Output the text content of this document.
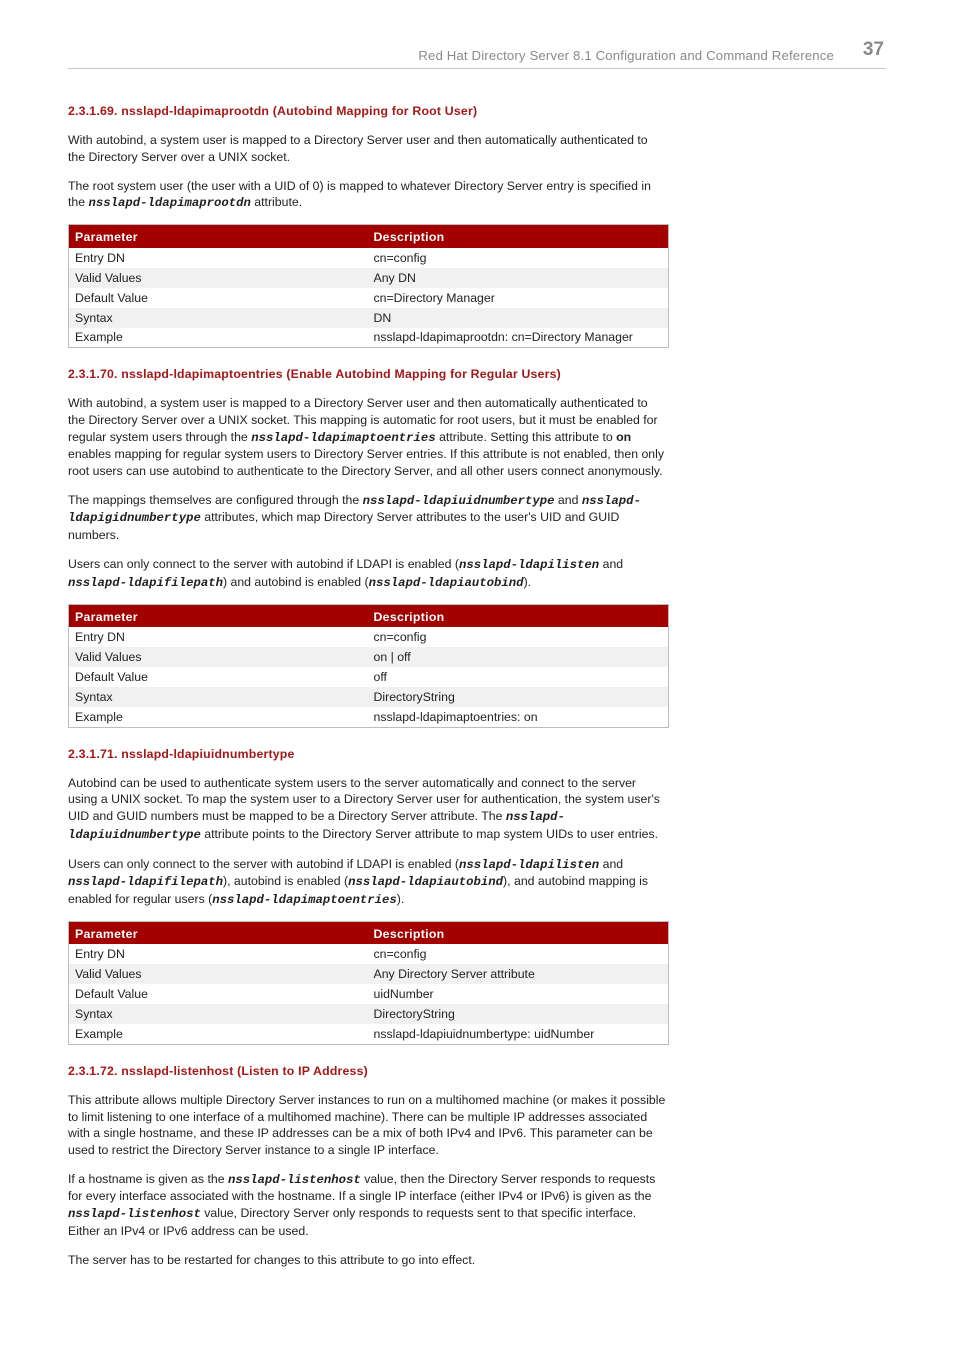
Red Hat Directory Server 8.1 Configuration and Command Reference 37
2.3.1.69. nsslapd-ldapimaprootdn (Autobind Mapping for Root User)

With autobind, a system user is mapped to a Directory Server user and then automatically authenticated to the Directory Server over a UNIX socket.

The root system user (the user with a UID of 0) is mapped to whatever Directory Server entry is specified in the nsslapd-ldapimaprootdn attribute.

Parameter	Description
Entry DN	cn=config
Valid Values	Any DN
Default Value	cn=Directory Manager
Syntax	DN
Example	nsslapd-ldapimaprootdn: cn=Directory Manager
2.3.1.70. nsslapd-ldapimaptoentries (Enable Autobind Mapping for Regular Users)

With autobind, a system user is mapped to a Directory Server user and then automatically authenticated to the Directory Server over a UNIX socket. This mapping is automatic for root users, but it must be enabled for regular system users through the nsslapd-ldapimaptoentries attribute. Setting this attribute to on enables mapping for regular system users to Directory Server entries. If this attribute is not enabled, then only root users can use autobind to authenticate to the Directory Server, and all other users connect anonymously.

The mappings themselves are configured through the nsslapd-ldapiuidnumbertype and nsslapd-ldapigidnumbertype attributes, which map Directory Server attributes to the user's UID and GUID numbers.

Users can only connect to the server with autobind if LDAPI is enabled (nsslapd-ldapilisten and nsslapd-ldapifilepath) and autobind is enabled (nsslapd-ldapiautobind).

Parameter	Description
Entry DN	cn=config
Valid Values	on | off
Default Value	off
Syntax	DirectoryString
Example	nsslapd-ldapimaptoentries: on
2.3.1.71. nsslapd-ldapiuidnumbertype

Autobind can be used to authenticate system users to the server automatically and connect to the server using a UNIX socket. To map the system user to a Directory Server user for authentication, the system user's UID and GUID numbers must be mapped to be a Directory Server attribute. The nsslapd-ldapiuidnumbertype attribute points to the Directory Server attribute to map system UIDs to user entries.

Users can only connect to the server with autobind if LDAPI is enabled (nsslapd-ldapilisten and nsslapd-ldapifilepath), autobind is enabled (nsslapd-ldapiautobind), and autobind mapping is enabled for regular users (nsslapd-ldapimaptoentries).

Parameter	Description
Entry DN	cn=config
Valid Values	Any Directory Server attribute
Default Value	uidNumber
Syntax	DirectoryString
Example	nsslapd-ldapiuidnumbertype: uidNumber
2.3.1.72. nsslapd-listenhost (Listen to IP Address)

This attribute allows multiple Directory Server instances to run on a multihomed machine (or makes it possible to limit listening to one interface of a multihomed machine). There can be multiple IP addresses associated with a single hostname, and these IP addresses can be a mix of both IPv4 and IPv6. This parameter can be used to restrict the Directory Server instance to a single IP interface.

If a hostname is given as the nsslapd-listenhost value, then the Directory Server responds to requests for every interface associated with the hostname. If a single IP interface (either IPv4 or IPv6) is given as the nsslapd-listenhost value, Directory Server only responds to requests sent to that specific interface. Either an IPv4 or IPv6 address can be used.

The server has to be restarted for changes to this attribute to go into effect.
